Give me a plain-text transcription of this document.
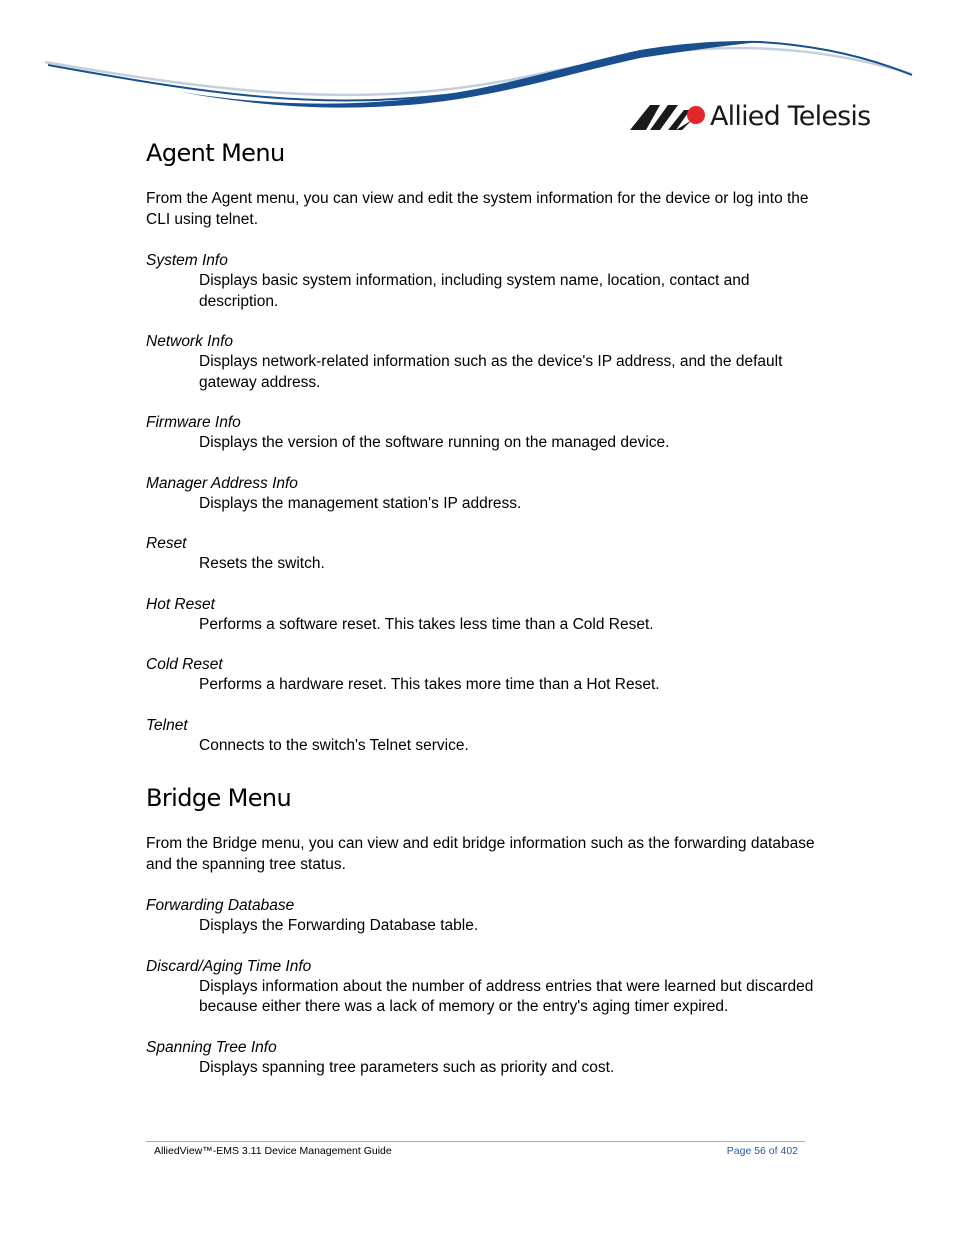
Allied Telesis
Agent Menu

From the Agent menu, you can view and edit the system information for the device or log into the CLI using telnet.

System Info
Displays basic system information, including system name, location, contact and description.
Network Info
Displays network-related information such as the device's IP address, and the default gateway address.
Firmware Info
Displays the version of the software running on the managed device.
Manager Address Info
Displays the management station's IP address.
Reset
Resets the switch.
Hot Reset
Performs a software reset. This takes less time than a Cold Reset.
Cold Reset
Performs a hardware reset. This takes more time than a Hot Reset.
Telnet
Connects to the switch's Telnet service.
Bridge Menu

From the Bridge menu, you can view and edit bridge information such as the forwarding database and the spanning tree status.

Forwarding Database
Displays the Forwarding Database table.
Discard/Aging Time Info
Displays information about the number of address entries that were learned but discarded because either there was a lack of memory or the entry's aging timer expired.
Spanning Tree Info
Displays spanning tree parameters such as priority and cost.
AlliedView™-EMS 3.11 Device Management Guide	Page 56 of 402
